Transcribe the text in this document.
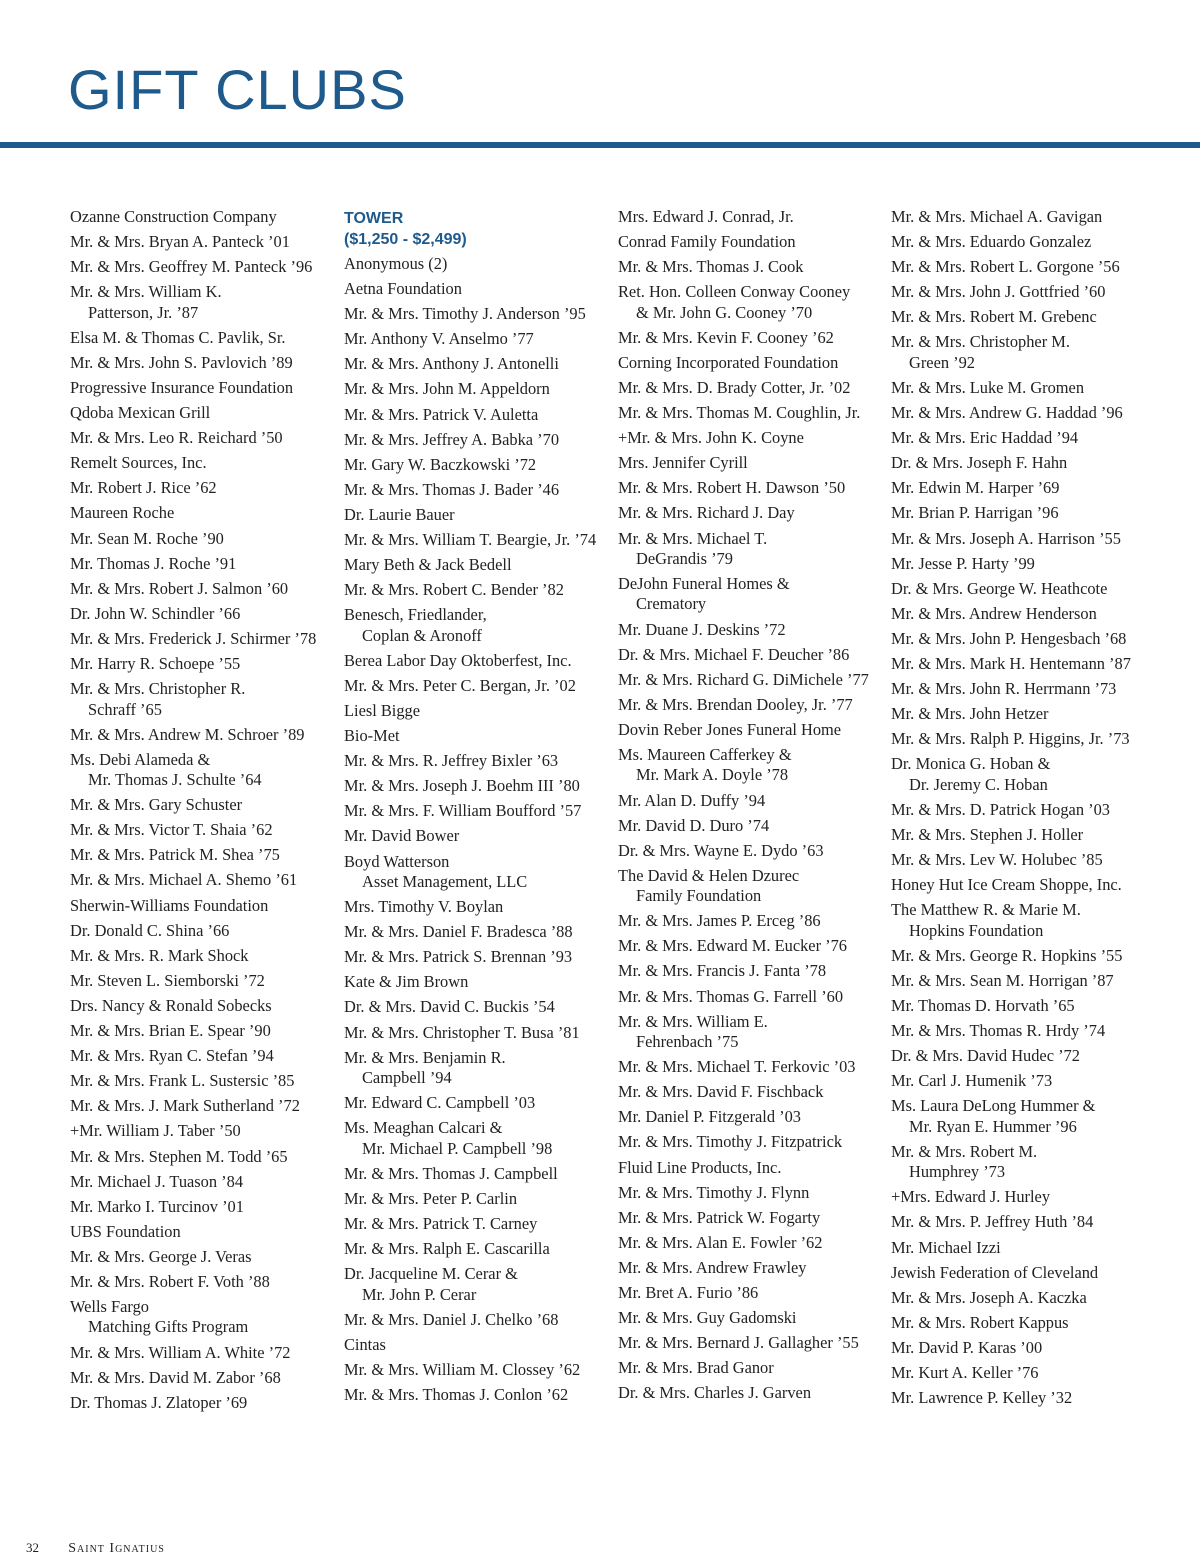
GIFT CLUBS
Ozanne Construction Company
Mr. & Mrs. Bryan A. Panteck ’01
Mr. & Mrs. Geoffrey M. Panteck ’96
Mr. & Mrs. William K.
Patterson, Jr. ’87
Elsa M. & Thomas C. Pavlik, Sr.
Mr. & Mrs. John S. Pavlovich ’89
Progressive Insurance Foundation
Qdoba Mexican Grill
Mr. & Mrs. Leo R. Reichard ’50
Remelt Sources, Inc.
Mr. Robert J. Rice ’62
Maureen Roche
Mr. Sean M. Roche ’90
Mr. Thomas J. Roche ’91
Mr. & Mrs. Robert J. Salmon ’60
Dr. John W. Schindler ’66
Mr. & Mrs. Frederick J. Schirmer ’78
Mr. Harry R. Schoepe ’55
Mr. & Mrs. Christopher R.
Schraff ’65
Mr. & Mrs. Andrew M. Schroer ’89
Ms. Debi Alameda &
Mr. Thomas J. Schulte ’64
Mr. & Mrs. Gary Schuster
Mr. & Mrs. Victor T. Shaia ’62
Mr. & Mrs. Patrick M. Shea ’75
Mr. & Mrs. Michael A. Shemo ’61
Sherwin-Williams Foundation
Dr. Donald C. Shina ’66
Mr. & Mrs. R. Mark Shock
Mr. Steven L. Siemborski ’72
Drs. Nancy & Ronald Sobecks
Mr. & Mrs. Brian E. Spear ’90
Mr. & Mrs. Ryan C. Stefan ’94
Mr. & Mrs. Frank L. Sustersic ’85
Mr. & Mrs. J. Mark Sutherland ’72
+Mr. William J. Taber ’50
Mr. & Mrs. Stephen M. Todd ’65
Mr. Michael J. Tuason ’84
Mr. Marko I. Turcinov ’01
UBS Foundation
Mr. & Mrs. George J. Veras
Mr. & Mrs. Robert F. Voth ’88
Wells Fargo
Matching Gifts Program
Mr. & Mrs. William A. White ’72
Mr. & Mrs. David M. Zabor ’68
Dr. Thomas J. Zlatoper ’69
TOWER
($1,250 - $2,499)
Anonymous (2)
Aetna Foundation
Mr. & Mrs. Timothy J. Anderson ’95
Mr. Anthony V. Anselmo ’77
Mr. & Mrs. Anthony J. Antonelli
Mr. & Mrs. John M. Appeldorn
Mr. & Mrs. Patrick V. Auletta
Mr. & Mrs. Jeffrey A. Babka ’70
Mr. Gary W. Baczkowski ’72
Mr. & Mrs. Thomas J. Bader ’46
Dr. Laurie Bauer
Mr. & Mrs. William T. Beargie, Jr. ’74
Mary Beth & Jack Bedell
Mr. & Mrs. Robert C. Bender ’82
Benesch, Friedlander,
Coplan & Aronoff
Berea Labor Day Oktoberfest, Inc.
Mr. & Mrs. Peter C. Bergan, Jr. ’02
Liesl Bigge
Bio-Met
Mr. & Mrs. R. Jeffrey Bixler ’63
Mr. & Mrs. Joseph J. Boehm III ’80
Mr. & Mrs. F. William Boufford ’57
Mr. David Bower
Boyd Watterson
Asset Management, LLC
Mrs. Timothy V. Boylan
Mr. & Mrs. Daniel F. Bradesca ’88
Mr. & Mrs. Patrick S. Brennan ’93
Kate & Jim Brown
Dr. & Mrs. David C. Buckis ’54
Mr. & Mrs. Christopher T. Busa ’81
Mr. & Mrs. Benjamin R.
Campbell ’94
Mr. Edward C. Campbell ’03
Ms. Meaghan Calcari &
Mr. Michael P. Campbell ’98
Mr. & Mrs. Thomas J. Campbell
Mr. & Mrs. Peter P. Carlin
Mr. & Mrs. Patrick T. Carney
Mr. & Mrs. Ralph E. Cascarilla
Dr. Jacqueline M. Cerar &
Mr. John P. Cerar
Mr. & Mrs. Daniel J. Chelko ’68
Cintas
Mr. & Mrs. William M. Clossey ’62
Mr. & Mrs. Thomas J. Conlon ’62
Mrs. Edward J. Conrad, Jr.
Conrad Family Foundation
Mr. & Mrs. Thomas J. Cook
Ret. Hon. Colleen Conway Cooney
& Mr. John G. Cooney ’70
Mr. & Mrs. Kevin F. Cooney ’62
Corning Incorporated Foundation
Mr. & Mrs. D. Brady Cotter, Jr. ’02
Mr. & Mrs. Thomas M. Coughlin, Jr.
+Mr. & Mrs. John K. Coyne
Mrs. Jennifer Cyrill
Mr. & Mrs. Robert H. Dawson ’50
Mr. & Mrs. Richard J. Day
Mr. & Mrs. Michael T.
DeGrandis ’79
DeJohn Funeral Homes &
Crematory
Mr. Duane J. Deskins ’72
Dr. & Mrs. Michael F. Deucher ’86
Mr. & Mrs. Richard G. DiMichele ’77
Mr. & Mrs. Brendan Dooley, Jr. ’77
Dovin Reber Jones Funeral Home
Ms. Maureen Cafferkey &
Mr. Mark A. Doyle ’78
Mr. Alan D. Duffy ’94
Mr. David D. Duro ’74
Dr. & Mrs. Wayne E. Dydo ’63
The David & Helen Dzurec
Family Foundation
Mr. & Mrs. James P. Erceg ’86
Mr. & Mrs. Edward M. Eucker ’76
Mr. & Mrs. Francis J. Fanta ’78
Mr. & Mrs. Thomas G. Farrell ’60
Mr. & Mrs. William E.
Fehrenbach ’75
Mr. & Mrs. Michael T. Ferkovic ’03
Mr. & Mrs. David F. Fischback
Mr. Daniel P. Fitzgerald ’03
Mr. & Mrs. Timothy J. Fitzpatrick
Fluid Line Products, Inc.
Mr. & Mrs. Timothy J. Flynn
Mr. & Mrs. Patrick W. Fogarty
Mr. & Mrs. Alan E. Fowler ’62
Mr. & Mrs. Andrew Frawley
Mr. Bret A. Furio ’86
Mr. & Mrs. Guy Gadomski
Mr. & Mrs. Bernard J. Gallagher ’55
Mr. & Mrs. Brad Ganor
Dr. & Mrs. Charles J. Garven
Mr. & Mrs. Michael A. Gavigan
Mr. & Mrs. Eduardo Gonzalez
Mr. & Mrs. Robert L. Gorgone ’56
Mr. & Mrs. John J. Gottfried ’60
Mr. & Mrs. Robert M. Grebenc
Mr. & Mrs. Christopher M.
Green ’92
Mr. & Mrs. Luke M. Gromen
Mr. & Mrs. Andrew G. Haddad ’96
Mr. & Mrs. Eric Haddad ’94
Dr. & Mrs. Joseph F. Hahn
Mr. Edwin M. Harper ’69
Mr. Brian P. Harrigan ’96
Mr. & Mrs. Joseph A. Harrison ’55
Mr. Jesse P. Harty ’99
Dr. & Mrs. George W. Heathcote
Mr. & Mrs. Andrew Henderson
Mr. & Mrs. John P. Hengesbach ’68
Mr. & Mrs. Mark H. Hentemann ’87
Mr. & Mrs. John R. Herrmann ’73
Mr. & Mrs. John Hetzer
Mr. & Mrs. Ralph P. Higgins, Jr. ’73
Dr. Monica G. Hoban &
Dr. Jeremy C. Hoban
Mr. & Mrs. D. Patrick Hogan ’03
Mr. & Mrs. Stephen J. Holler
Mr. & Mrs. Lev W. Holubec ’85
Honey Hut Ice Cream Shoppe, Inc.
The Matthew R. & Marie M.
Hopkins Foundation
Mr. & Mrs. George R. Hopkins ’55
Mr. & Mrs. Sean M. Horrigan ’87
Mr. Thomas D. Horvath ’65
Mr. & Mrs. Thomas R. Hrdy ’74
Dr. & Mrs. David Hudec ’72
Mr. Carl J. Humenik ’73
Ms. Laura DeLong Hummer &
Mr. Ryan E. Hummer ’96
Mr. & Mrs. Robert M.
Humphrey ’73
+Mrs. Edward J. Hurley
Mr. & Mrs. P. Jeffrey Huth ’84
Mr. Michael Izzi
Jewish Federation of Cleveland
Mr. & Mrs. Joseph A. Kaczka
Mr. & Mrs. Robert Kappus
Mr. David P. Karas ’00
Mr. Kurt A. Keller ’76
Mr. Lawrence P. Kelley ’32
32 Saint Ignatius
